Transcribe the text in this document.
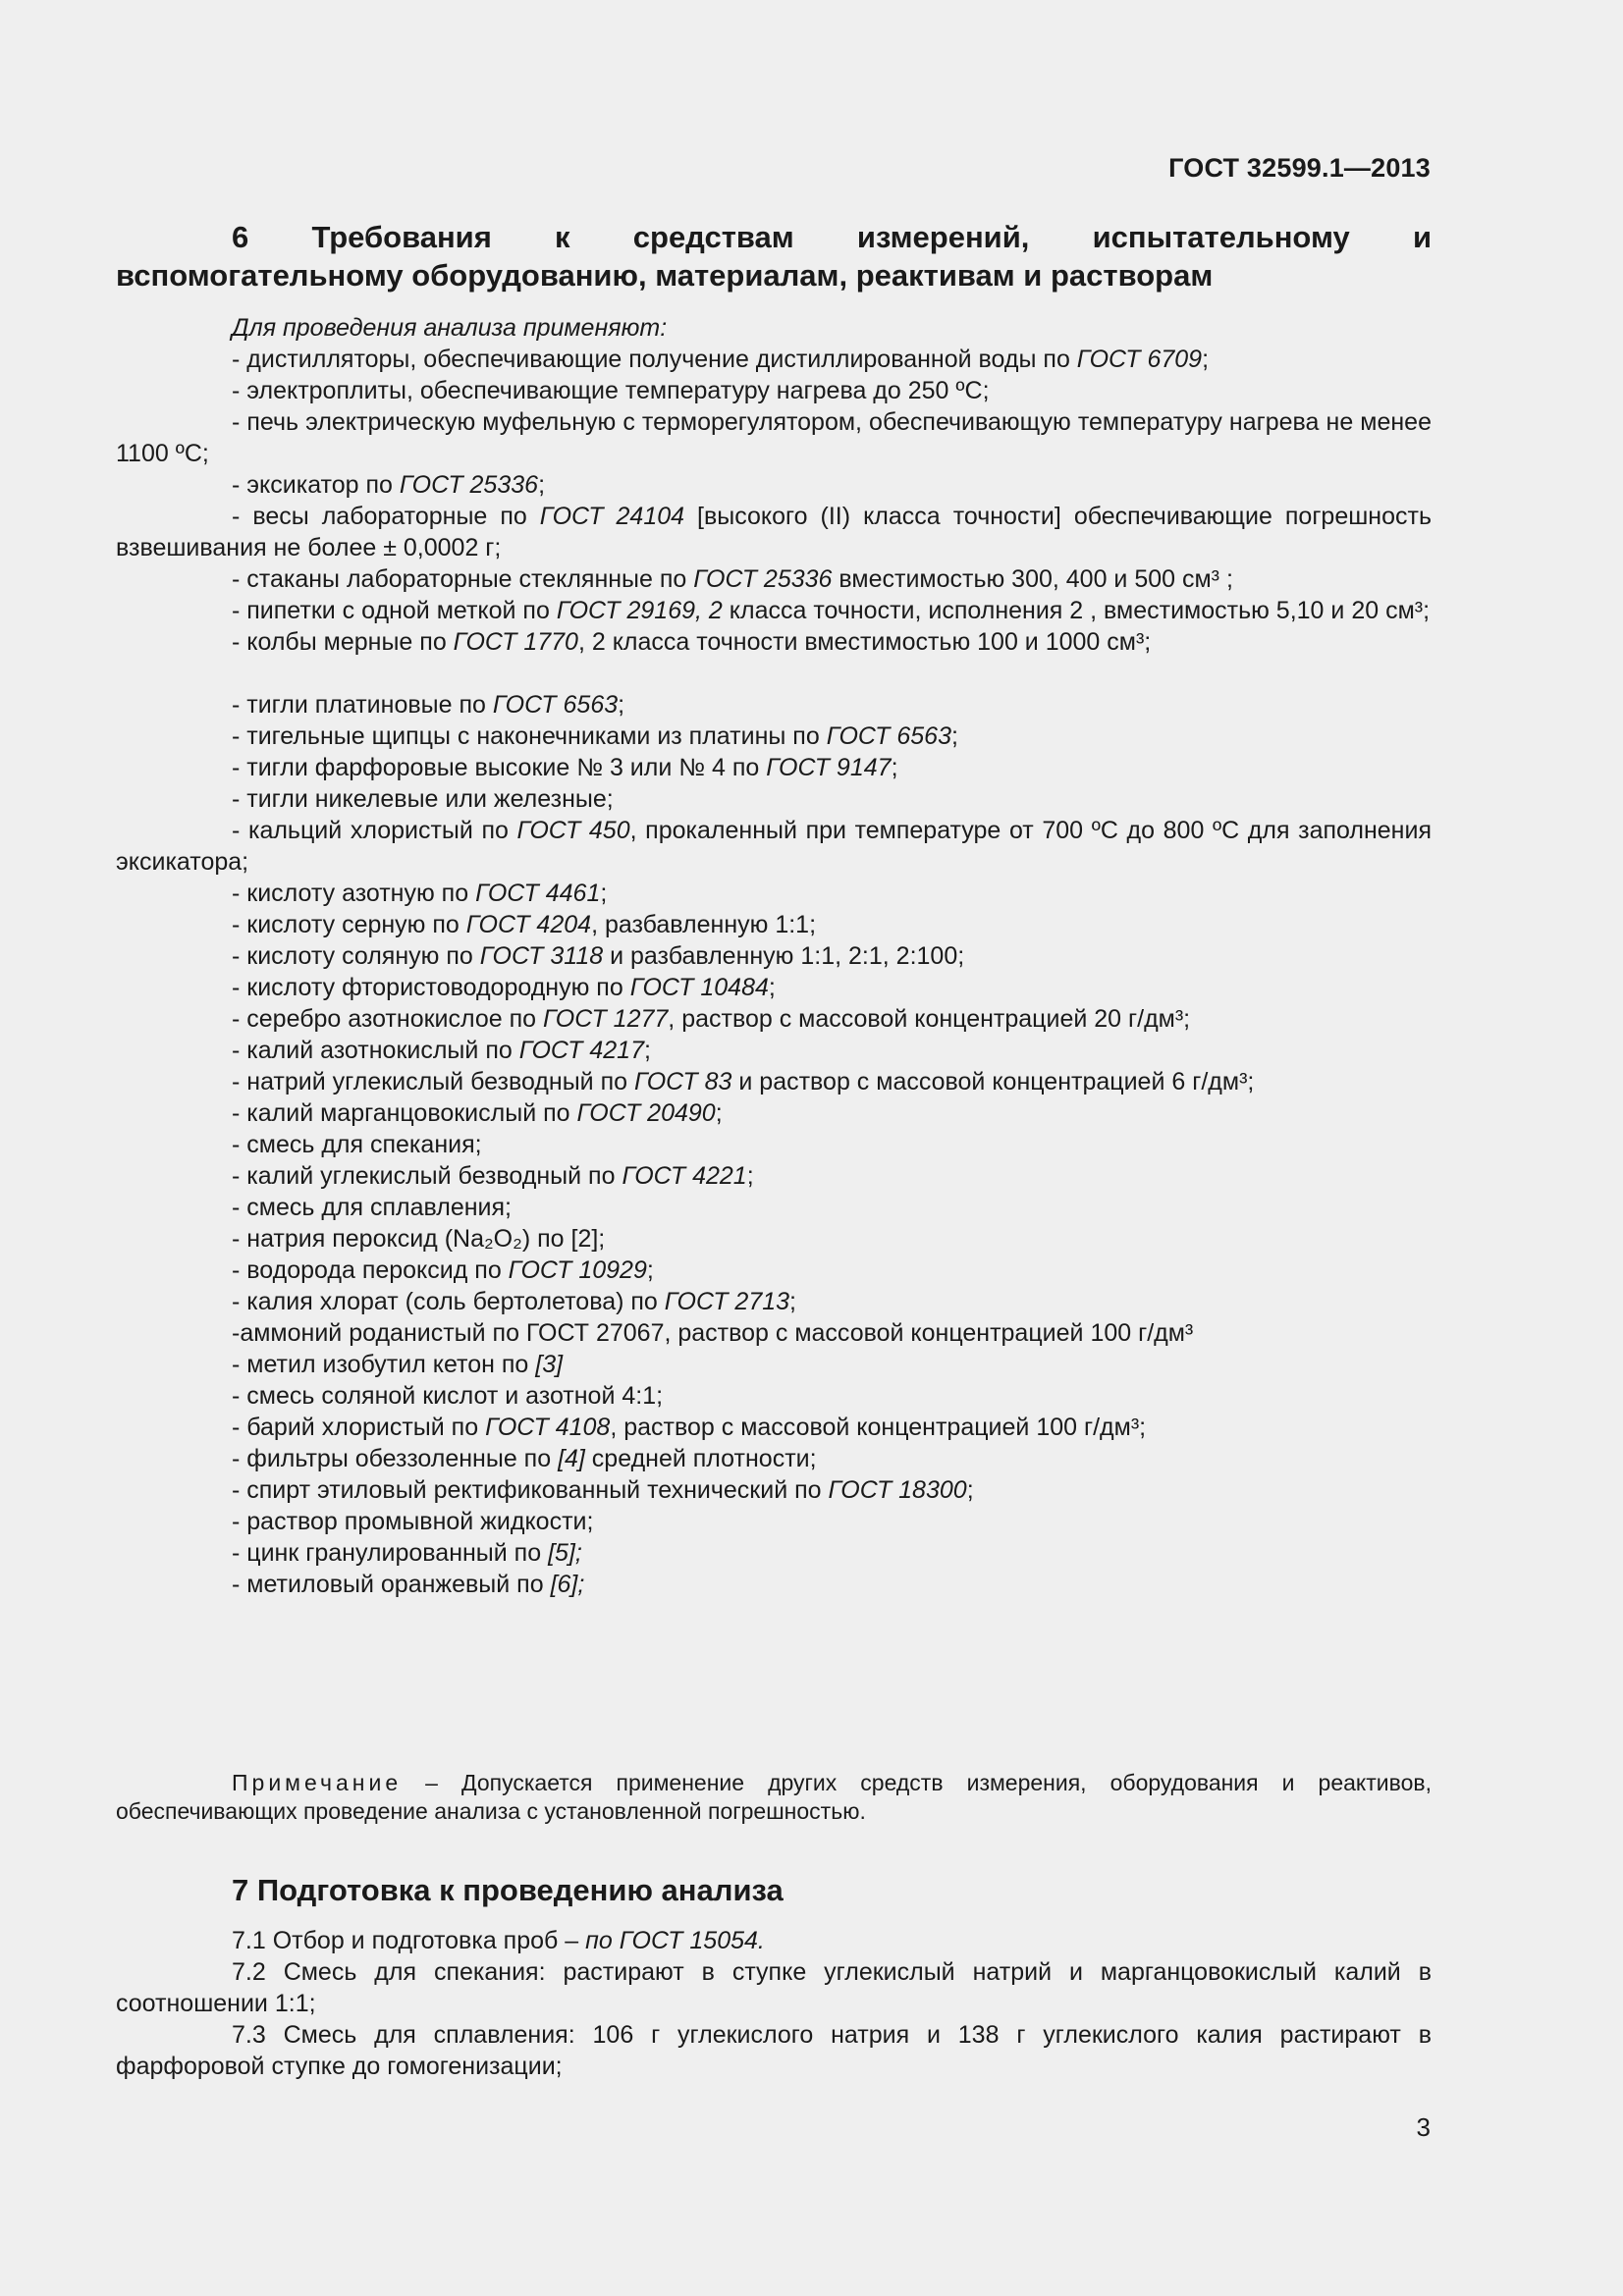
ГОСТ 32599.1—2013
6 Требования к средствам измерений, испытательному и
вспомогательному оборудованию, материалам, реактивам и растворам

Для проведения анализа применяют:

- дистилляторы, обеспечивающие получение дистиллированной воды по ГОСТ 6709;

- электроплиты, обеспечивающие температуру нагрева до 250 ºС;

- печь электрическую муфельную с терморегулятором, обеспечивающую температуру нагрева не менее 1100 ºС;

- эксикатор по ГОСТ 25336;

- весы лабораторные по ГОСТ 24104 [высокого (II) класса точности] обеспечивающие погрешность взвешивания не более ± 0,0002 г;

- стаканы лабораторные стеклянные по ГОСТ 25336 вместимостью 300, 400 и 500 см³ ;

- пипетки с одной меткой по ГОСТ 29169, 2 класса точности, исполнения 2 , вместимостью 5,10 и 20 см³;

- колбы мерные по ГОСТ 1770, 2 класса точности вместимостью 100 и 1000 см³;

- тигли платиновые по ГОСТ 6563;

- тигельные щипцы с наконечниками из платины по ГОСТ 6563;

- тигли фарфоровые высокие № 3 или № 4 по ГОСТ 9147;

- тигли никелевые или железные;

- кальций хлористый по ГОСТ 450, прокаленный при температуре от 700 ºС до 800 ºС для заполнения эксикатора;

- кислоту азотную по ГОСТ 4461;

- кислоту серную по ГОСТ 4204, разбавленную 1:1;

- кислоту соляную по ГОСТ 3118 и разбавленную 1:1, 2:1, 2:100;

- кислоту фтористоводородную по ГОСТ 10484;

- серебро азотнокислое по ГОСТ 1277, раствор с массовой концентрацией 20 г/дм³;

- калий азотнокислый по ГОСТ 4217;

- натрий углекислый безводный по ГОСТ 83 и раствор с массовой концентрацией 6 г/дм³;

- калий марганцовокислый по ГОСТ 20490;

- смесь для спекания;

- калий углекислый безводный по ГОСТ 4221;

- смесь для сплавления;

- натрия пероксид (Na₂O₂) по [2];

- водорода пероксид по ГОСТ 10929;

- калия хлорат (соль бертолетова) по ГОСТ 2713;

-аммоний роданистый по ГОСТ 27067, раствор с массовой концентрацией 100 г/дм³

- метил изобутил кетон по [3]

- смесь соляной кислот и азотной 4:1;

- барий хлористый по ГОСТ 4108, раствор с массовой концентрацией 100 г/дм³;

- фильтры обеззоленные по [4] средней плотности;

- спирт этиловый ректификованный технический по ГОСТ 18300;

- раствор промывной жидкости;

- цинк гранулированный по [5];

- метиловый оранжевый по [6];

Примечание – Допускается применение других средств измерения, оборудования и реактивов, обеспечивающих проведение анализа с установленной погрешностью.

7 Подготовка к проведению анализа

7.1 Отбор и подготовка проб – по ГОСТ 15054.

7.2 Смесь для спекания: растирают в ступке углекислый натрий и марганцовокислый калий в соотношении 1:1;

7.3 Смесь для сплавления: 106 г углекислого натрия и 138 г углекислого калия растирают в фарфоровой ступке до гомогенизации;

3
